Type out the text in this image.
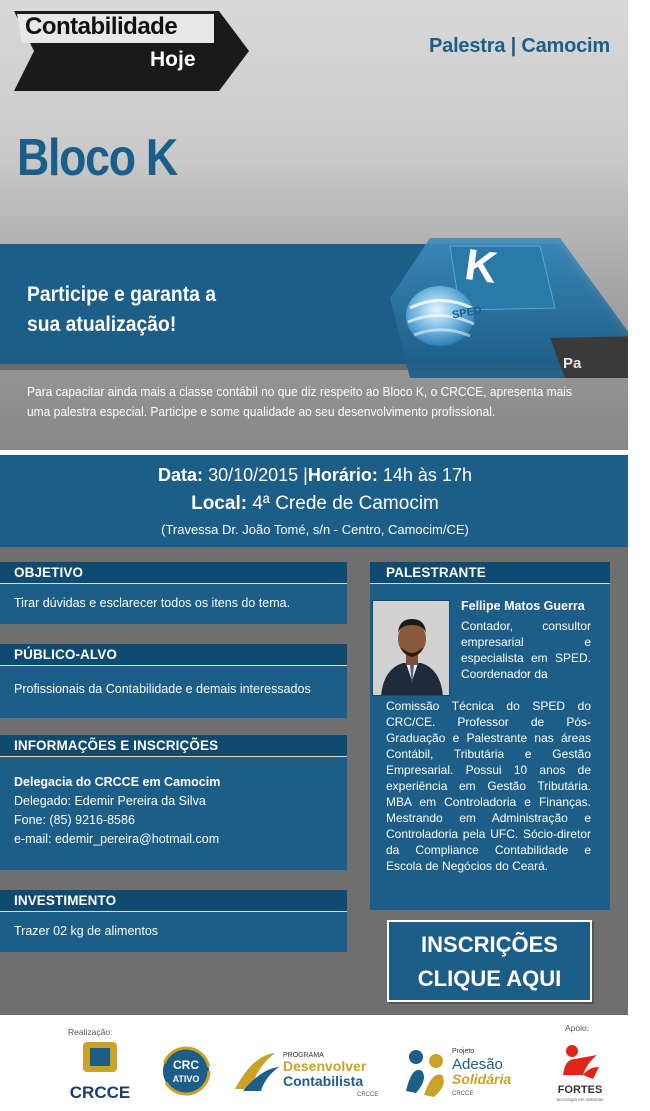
Contabilidade
Hoje
Palestra | Camocim
Bloco K
K
SPED
Pa
Participe e garanta a
sua atualização!
Para capacitar ainda mais a classe contábil no que diz respeito ao Bloco K, o CRCCE, apresenta mais uma palestra especial. Participe e some qualidade ao seu desenvolvimento profissional.
Data: 30/10/2015 |Horário: 14h às 17h
Local: 4ª Crede de Camocim
(Travessa Dr. João Tomé, s/n - Centro, Camocim/CE)
OBJETIVO
Tirar dúvidas e esclarecer todos os itens do tema.
PÚBLICO-ALVO
Profissionais da Contabilidade e demais interessados
INFORMAÇÕES E INSCRIÇÕES
Delegacia do CRCCE em Camocim
Delegado: Edemir Pereira da Silva
Fone: (85) 9216-8586
e-mail: edemir_pereira@hotmail.com
INVESTIMENTO
Trazer 02 kg de alimentos
PALESTRANTE
Fellipe Matos Guerra
Contador, consultor empresarial e especialista em SPED. Coordenador da
Comissão Técnica do SPED do CRC/CE. Professor de Pós-Graduação e Palestrante nas áreas Contábil, Tributária e Gestão Empresarial. Possui 10 anos de experiência em Gestão Tributária. MBA em Controladoria e Finanças. Mestrando em Administração e Controladoria pela UFC. Sócio-diretor da Compliance Contabilidade e Escola de Negócios do Ceará.
INSCRIÇÕES
CLIQUE AQUI
Realização:	Apoio:
CRCCE
CRC
ATIVO
PROGRAMA
Desenvolver
Contabilista
CRCCE
Projeto
Adesão
Solidária
CRCCE	FORTES
tecnologia em sistemas
